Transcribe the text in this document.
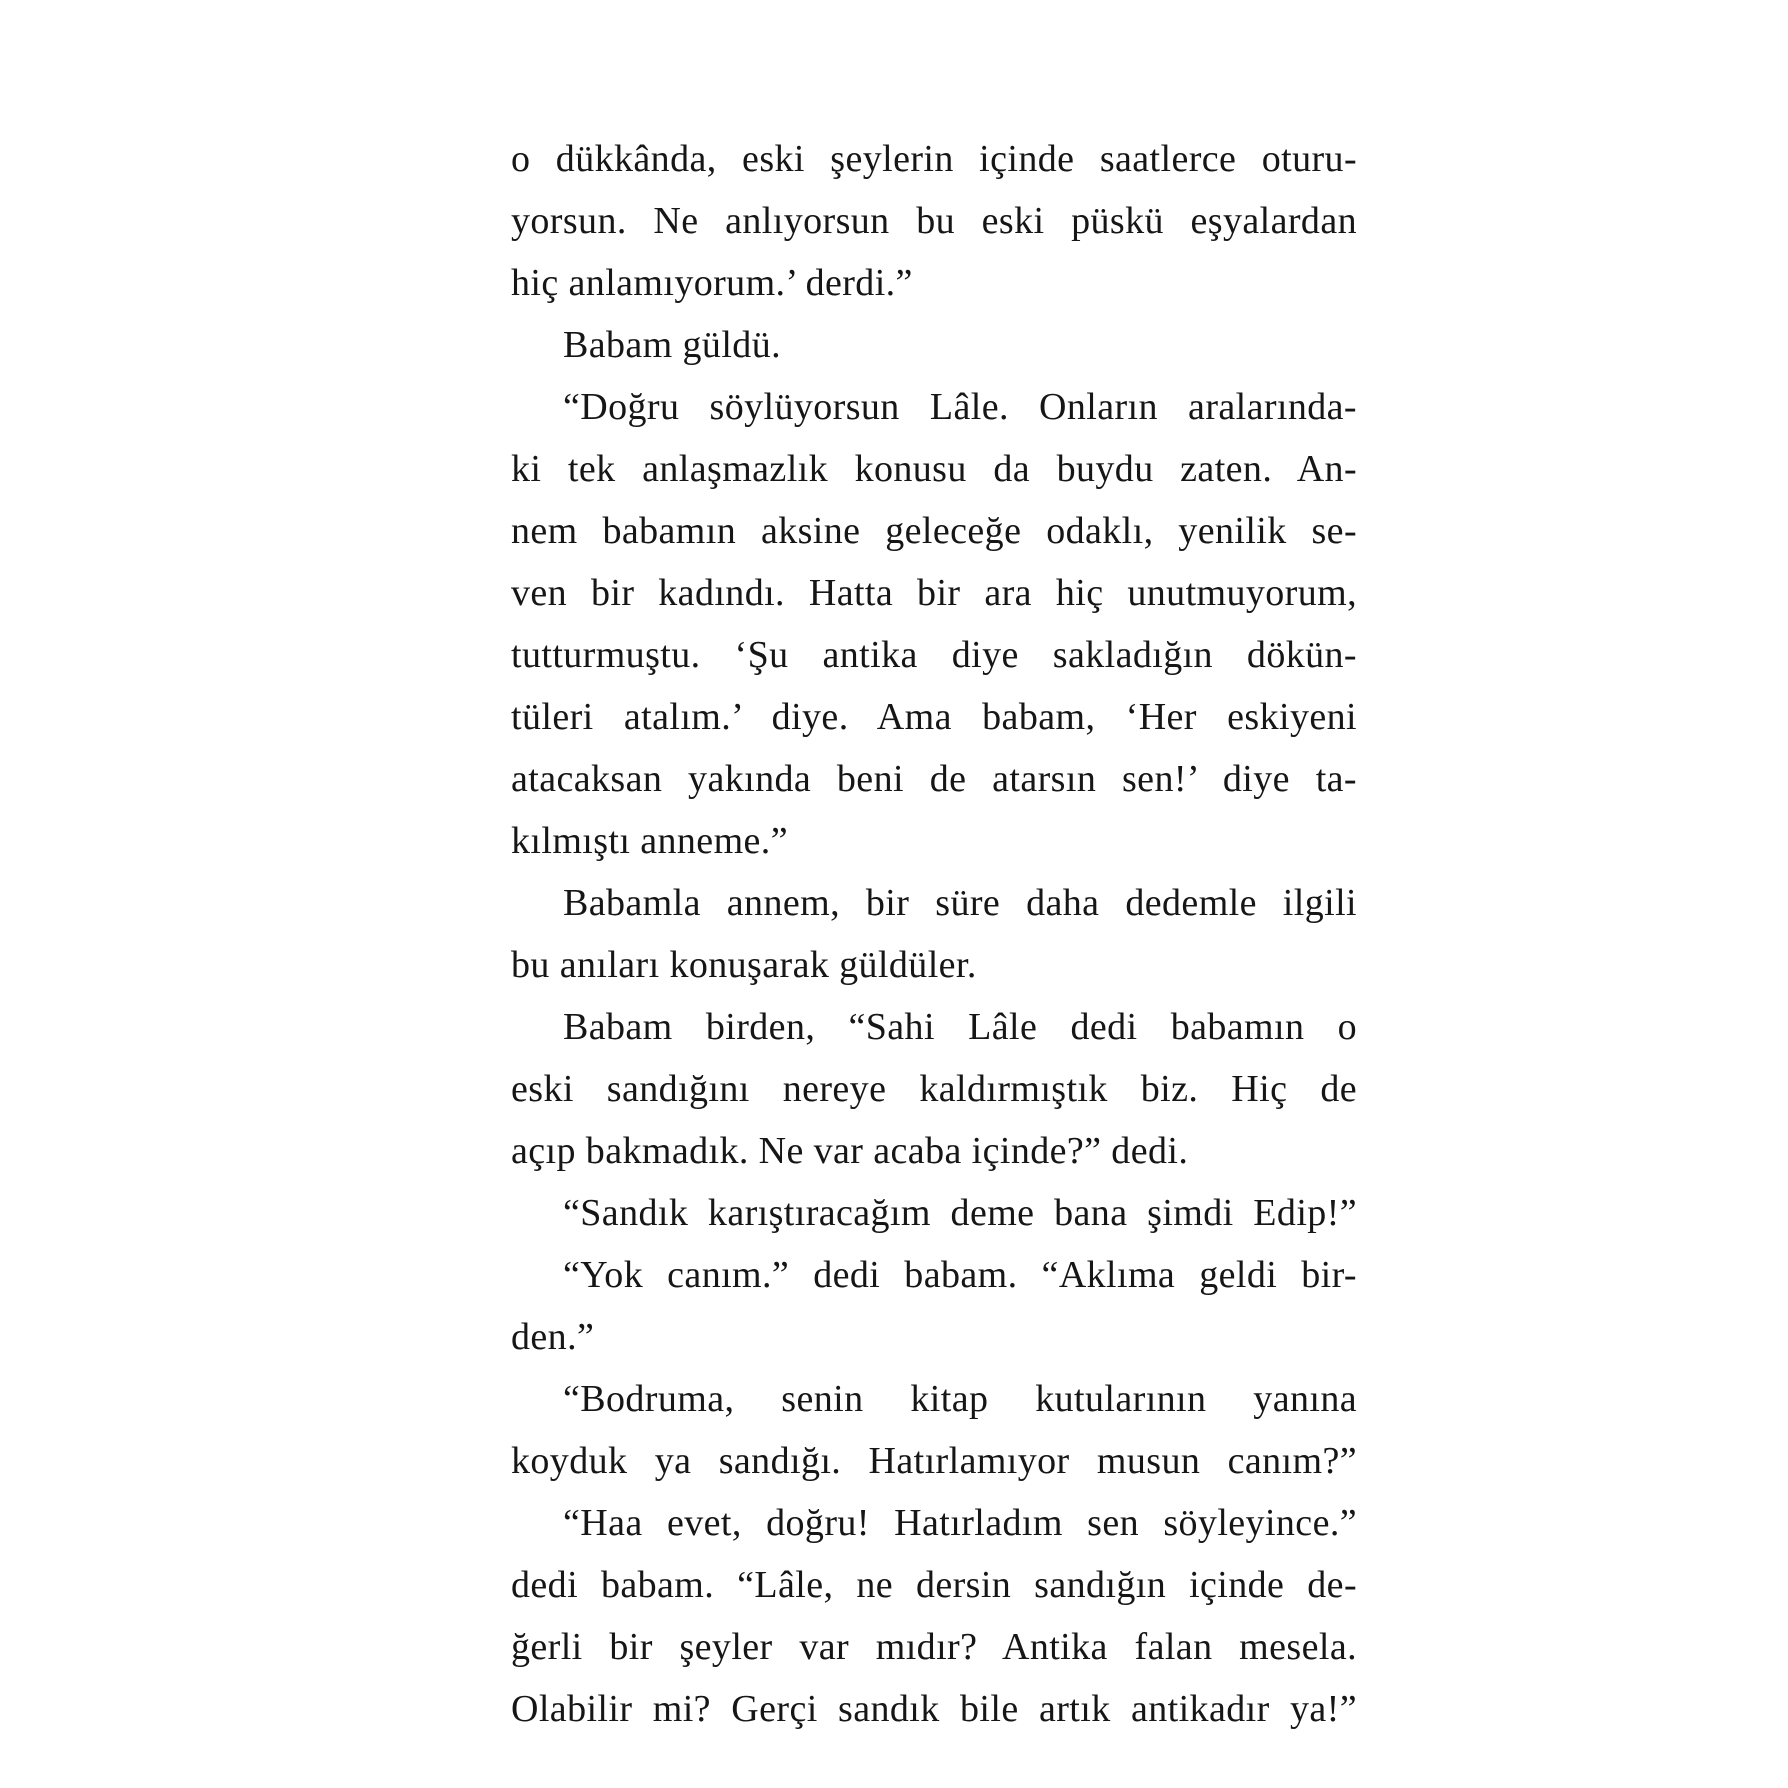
o dükkânda, eski şeylerin içinde saatlerce oturu-
yorsun. Ne anlıyorsun bu eski püskü eşyalardan
hiç anlamıyorum.’ derdi.”
Babam güldü.
“Doğru söylüyorsun Lâle. Onların aralarında-
ki tek anlaşmazlık konusu da buydu zaten. An-
nem babamın aksine geleceğe odaklı, yenilik se-
ven bir kadındı. Hatta bir ara hiç unutmuyorum,
tutturmuştu. ‘Şu antika diye sakladığın dökün-
tüleri atalım.’ diye. Ama babam, ‘Her eskiyeni
atacaksan yakında beni de atarsın sen!’ diye ta-
kılmıştı anneme.”
Babamla annem, bir süre daha dedemle ilgili
bu anıları konuşarak güldüler.
Babam birden, “Sahi Lâle dedi babamın o
eski sandığını nereye kaldırmıştık biz. Hiç de
açıp bakmadık. Ne var acaba içinde?” dedi.
“Sandık karıştıracağım deme bana şimdi Edip!”
“Yok canım.” dedi babam. “Aklıma geldi bir-
den.”
“Bodruma, senin kitap kutularının yanına
koyduk ya sandığı. Hatırlamıyor musun canım?”
“Haa evet, doğru! Hatırladım sen söyleyince.”
dedi babam. “Lâle, ne dersin sandığın içinde de-
ğerli bir şeyler var mıdır? Antika falan mesela.
Olabilir mi? Gerçi sandık bile artık antikadır ya!”
